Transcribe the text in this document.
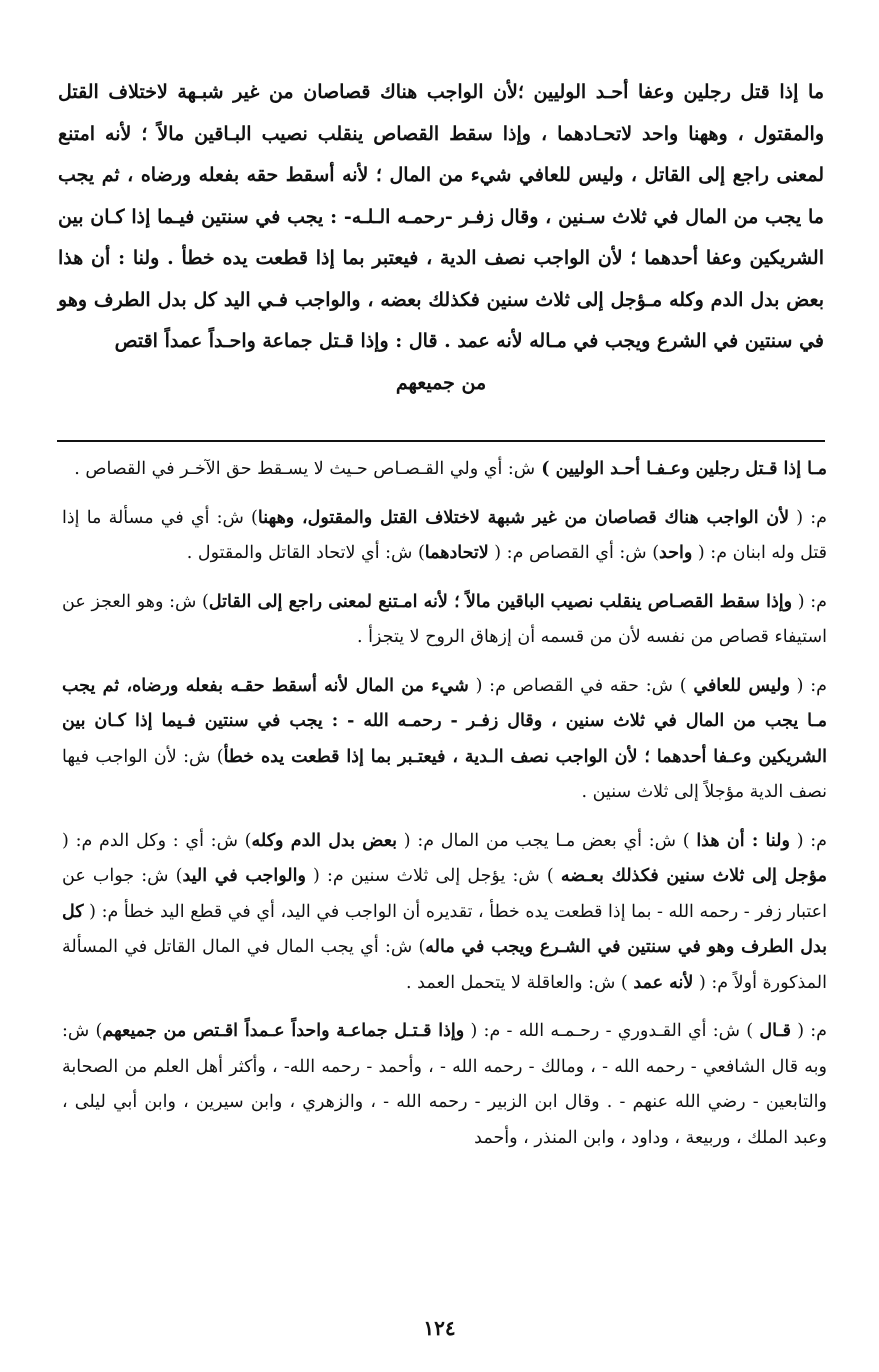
ما إذا قتل رجلين وعفا أحـد الوليين ؛لأن الواجب هناك قصاصان من غير شبـهة لاختلاف القتل والمقتول ، وههنا واحد لاتحـادهما ، وإذا سقط القصاص ينقلب نصيب البـاقين مالاً ؛ لأنه امتنع لمعنى راجع إلى القاتل ، وليس للعافي شيء من المال ؛ لأنه أسقط حقه بفعله ورضاه ، ثم يجب ما يجب من المال في ثلاث سـنين ، وقال زفـر -رحمـه الـلـه- : يجب في سنتين فيـما إذا كـان بين الشريكين وعفا أحدهما ؛ لأن الواجب نصف الدية ، فيعتبر بما إذا قطعت يده خطأ . ولنا : أن هذا بعض بدل الدم وكله مـؤجل إلى ثلاث سنين فكذلك بعضه ، والواجب فـي اليد كل بدل الطرف وهو في سنتين في الشرع ويجب في مـاله لأنه عمد . قال : وإذا قـتل جماعة واحـداً عمداً اقتص
من جميعهم

مـا إذا قـتل رجلين وعـفـا أحـد الوليين ) ش: أي ولي القـصـاص حـيث لا يسـقط حق الآخـر في القصاص .

م: ( لأن الواجب هناك قصاصان من غير شبهة لاختلاف القتل والمقتول، وههنا) ش: أي في مسألة ما إذا قتل وله ابنان م: ( واحد) ش: أي القصاص م: ( لاتحادهما) ش: أي لاتحاد القاتل والمقتول .

م: ( وإذا سقط القصـاص ينقلب نصيب الباقين مالاً ؛ لأنه امـتنع لمعنى راجع إلى القاتل) ش: وهو العجز عن استيفاء قصاص من نفسه لأن من قسمه أن إزهاق الروح لا يتجزأ .

م: ( وليس للعافي ) ش: حقه في القصاص م: ( شيء من المال لأنه أسقط حقـه بفعله ورضاه، ثم يجب مـا يجب من المال في ثلاث سنين ، وقال زفـر - رحمـه الله - : يجب في سنتين فـيما إذا كـان بين الشريكين وعـفا أحدهما ؛ لأن الواجب نصف الـدية ، فيعتـبر بما إذا قطعت يده خطأ) ش: لأن الواجب فيها نصف الدية مؤجلاً إلى ثلاث سنين .

م: ( ولنا : أن هذا ) ش: أي بعض مـا يجب من المال م: ( بعض بدل الدم وكله) ش: أي : وكل الدم م: ( مؤجل إلى ثلاث سنين فكذلك بعـضه ) ش: يؤجل إلى ثلاث سنين م: ( والواجب في اليد) ش: جواب عن اعتبار زفر - رحمه الله - بما إذا قطعت يده خطأ ، تقديره أن الواجب في اليد، أي في قطع اليد خطأ م: ( كل بدل الطرف وهو في سنتين في الشـرع ويجب في ماله) ش: أي يجب المال في المال القاتل في المسألة المذكورة أولاً م: ( لأنه عمد ) ش: والعاقلة لا يتحمل العمد .

م: ( قـال ) ش: أي القـدوري - رحـمـه الله - م: ( وإذا قـتـل جماعـة واحداً عـمداً اقـتص من جميعهم) ش: وبه قال الشافعي - رحمه الله - ، ومالك - رحمه الله - ، وأحمد - رحمه الله- ، وأكثر أهل العلم من الصحابة والتابعين - رضي الله عنهم - . وقال ابن الزبير - رحمه الله - ، والزهري ، وابن سيرين ، وابن أبي ليلى ، وعبد الملك ، وربيعة ، وداود ، وابن المنذر ، وأحمد

١٢٤
